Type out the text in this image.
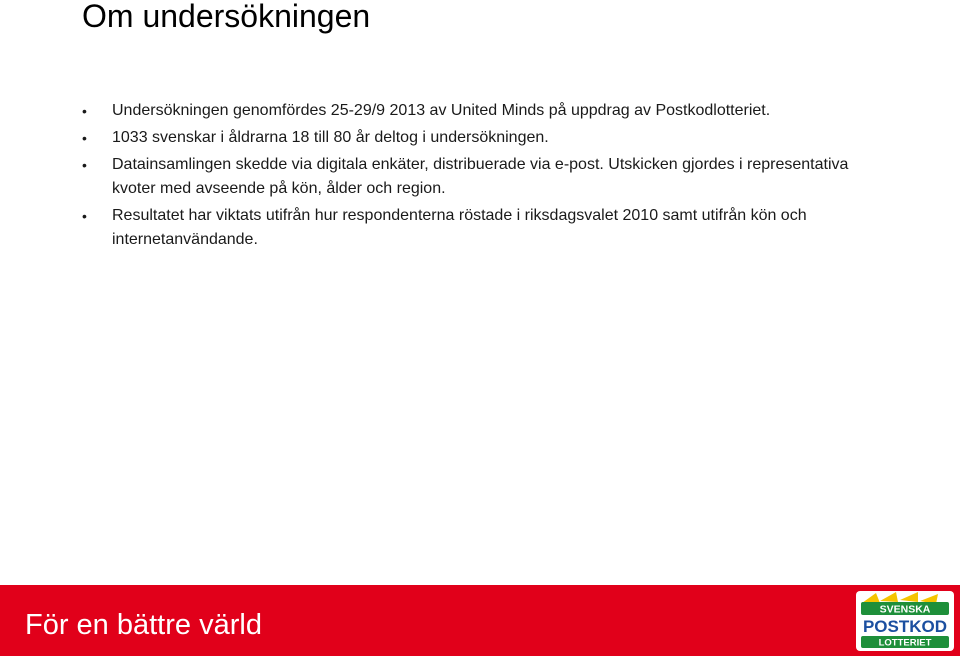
Om undersökningen
• Undersökningen genomfördes 25-29/9 2013 av United Minds på uppdrag av Postkodlotteriet.
• 1033 svenskar i åldrarna 18 till 80 år deltog i undersökningen.
• Datainsamlingen skedde via digitala enkäter, distribuerade via e-post. Utskicken gjordes i representativa kvoter med avseende på kön, ålder och region.
• Resultatet har viktats utifrån hur respondenterna röstade i riksdagsvalet 2010 samt utifrån kön och internetanvändande.
För en bättre värld	SVENSKA
POSTKOD
LOTTERIET
